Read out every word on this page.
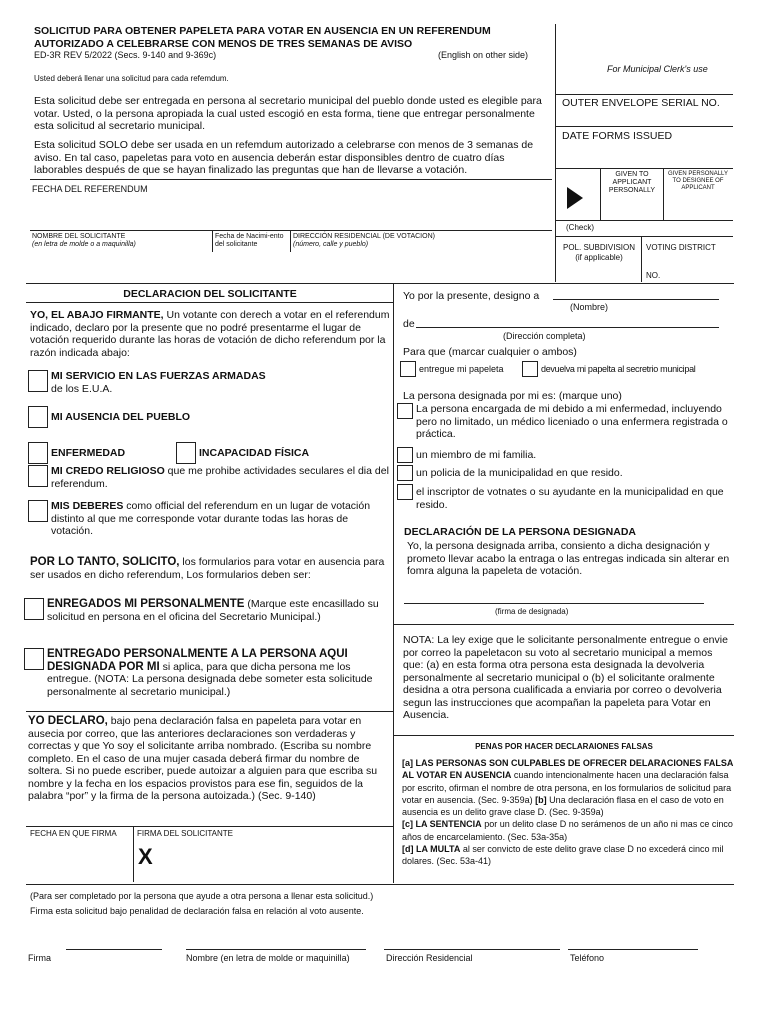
SOLICITUD PARA OBTENER PAPELETA PARA VOTAR EN AUSENCIA EN UN REFERENDUM
AUTORIZADO A CELEBRARSE CON MENOS DE TRES SEMANAS DE AVISO
ED-3R REV 5/2022 (Secs. 9-140 and 9-369c)	(English on other side)
Usted deberá llenar una solicitud para cada refemdum.
Esta solicitud debe ser entregada en persona al secretario municipal del pueblo donde usted es elegible para votar. Usted, o la persona apropiada la cual usted escogió en esta forma, tiene que entregar personalmente esta solicitud al secretario municipal.
Esta solicitud SOLO debe ser usada en un refemdum autorizado a celebrarse con menos de 3 semanas de aviso. En tal caso, papeletas para voto en ausencia deberán estar disponsibles dentro de cuatro días laborables después de que se hayan finalizado las preguntas que han de llevarse a votación.
For Municipal Clerk's use
OUTER ENVELOPE SERIAL NO.
DATE FORMS ISSUED
GIVEN TO APPLICANT PERSONALLY
GIVEN PERSONALLY TO DESIGNEE OF APPLICANT
(Check)
POL. SUBDIVISION (if applicable)
VOTING DISTRICT
NO.
FECHA DEL REFERENDUM
NOMBRE DEL SOLICITANTE
(en letra de molde o a maquinilla)
Fecha de Nacimi-ento del solicitante
DIRECCIÓN RESIDENCIAL (DE VOTACION)
(número, calle y pueblo)
DECLARACION DEL SOLICITANTE
YO, EL ABAJO FIRMANTE, Un votante con derech a votar en el referendum indicado, declaro por la presente que no podré presentarme el lugar de votación requerido durante las horas de votación de dicho referendum por la razón indicada abajo:
MI SERVICIO EN LAS FUERZAS ARMADAS
de los E.U.A.
MI AUSENCIA DEL PUEBLO
ENFERMEDAD	INCAPACIDAD FÍSICA
MI CREDO RELIGIOSO que me prohibe actividades seculares el dia del referendum.
MIS DEBERES como official del referendum en un lugar de votación distinto al que me corresponde votar durante todas las horas de votación.
POR LO TANTO, SOLICITO, los formularios para votar en ausencia para ser usados en dicho referendum, Los formularios deben ser:
ENREGADOS MI PERSONALMENTE (Marque este encasillado su solicitud en persona en el oficina del Secretario Municipal.)
ENTREGADO PERSONALMENTE A LA PERSONA AQUI DESIGNADA POR MI si aplica, para que dicha persona me los entregue. (NOTA: La persona designada debe someter esta solicitude personalmente al secretario municipal.)
YO DECLARO, bajo pena declaración falsa en papeleta para votar en ausecia por correo, que las anteriores declaraciones son verdaderas y correctas y que Yo soy el solicitante arriba nombrado. (Escriba su nombre completo. En el caso de una mujer casada deberá firmar du nombre de soltera. Si no puede escriber, puede autoizar a alguien para que escriba su nombre y la fecha en los espacios provistos para ese fin, seguidos de la palabra “por” y la firma de la persona autoizada.) (Sec. 9-140)
FECHA EN QUE FIRMA	FIRMA DEL SOLICITANTE
X
Yo por la presente, designo a
(Nombre)
de
(Dirección completa)
Para que (marcar cualquier o ambos)
entregue mi papeleta	devuelva mi papelta al secretrio municipal
La persona designada por mi es: (marque uno)
La persona encargada de mi debido a mi enfermedad, incluyendo pero no limitado, un médico liceniado o una enfermera registrada o práctica.
un miembro de mi familia.
un policia de la municipalidad en que resido.
el inscriptor de votnates o su ayudante en la municipalidad en que resido.
DECLARACIÓN DE LA PERSONA DESIGNADA
Yo, la persona designada arriba, consiento a dicha designación y prometo llevar acabo la entraga o las entregas indicada sin alterar en fomra alguna la papeleta de votación.
(firma de designada)
NOTA: La ley exige que le solicitante personalmente entregue o envie por correo la papeletacon su voto al secretario municipal a memos que: (a) en esta forma otra persona esta designada la devolveria personalmente al secretario municipal o (b) el solicitante oralmente desidna a otra persona cualificada a enviaria por correo o devolveria segun las instrucciones que acompañan la papeleta para Votar en Ausencia.
PENAS POR HACER DECLARAIONES FALSAS
[a] LAS PERSONAS SON CULPABLES DE OFRECER DELARACIONES FALSA AL VOTAR EN AUSENCIA cuando intencionalmente hacen una declaración falsa por escrito, ofirman el nombre de otra persona, en los formularios de solicitud para votar en ausencia. (Sec. 9-359a) [b] Una declaración flasa en el caso de voto en ausencia es un delito grave clase D. (Sec. 9-359a)
[c] LA SENTENCIA por un delito clase D no serámenos de un año ni mas ce cinco años de encarcelamiento. (Sec. 53a-35a)
[d] LA MULTA al ser convicto de este delito grave clase D no excederá cinco mil dolares. (Sec. 53a-41)
(Para ser completado por la persona que ayude a otra persona a llenar esta solicitud.)
Firma esta solicitud bajo penalidad de declaración falsa en relación al voto ausente.
Firma	Nombre (en letra de molde or maquinilla)	Dirección Residencial	Teléfono
